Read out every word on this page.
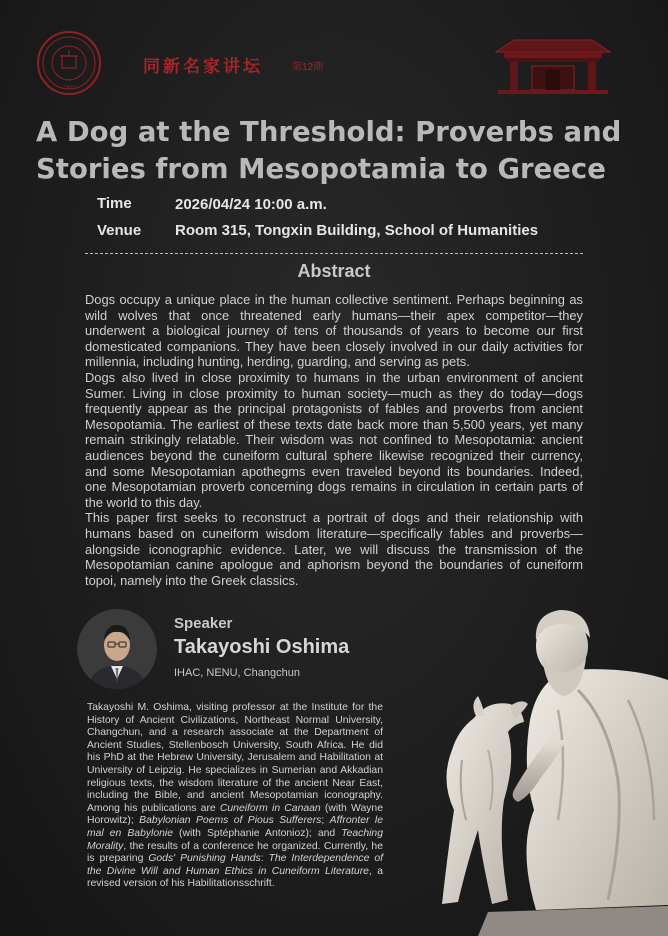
1907
同新名家讲坛	第12期
A Dog at the Threshold: Proverbs and
Stories from Mesopotamia to Greece
Time	2026/04/24 10:00 a.m.
Venue Room 315, Tongxin Building, School of Humanities
Abstract

Dogs occupy a unique place in the human collective sentiment. Perhaps beginning as wild wolves that once threatened early humans—their apex competitor—they underwent a biological journey of tens of thousands of years to become our first domesticated companions. They have been closely involved in our daily activities for millennia, including hunting, herding, guarding, and serving as pets.

Dogs also lived in close proximity to humans in the urban environment of ancient Sumer. Living in close proximity to human society—much as they do today—dogs frequently appear as the principal protagonists of fables and proverbs from ancient Mesopotamia. The earliest of these texts date back more than 5,500 years, yet many remain strikingly relatable. Their wisdom was not confined to Mesopotamia: ancient audiences beyond the cuneiform cultural sphere likewise recognized their currency, and some Mesopotamian apothegms even traveled beyond its boundaries. Indeed, one Mesopotamian proverb concerning dogs remains in circulation in certain parts of the world to this day.

This paper first seeks to reconstruct a portrait of dogs and their relationship with humans based on cuneiform wisdom literature—specifically fables and proverbs—alongside iconographic evidence. Later, we will discuss the transmission of the Mesopotamian canine apologue and aphorism beyond the boundaries of cuneiform topoi, namely into the Greek classics.

Speaker
Takayoshi Oshima
IHAC, NENU, Changchun

Takayoshi M. Oshima, visiting professor at the Institute for the History of Ancient Civilizations, Northeast Normal University, Changchun, and a research associate at the Department of Ancient Studies, Stellenbosch University, South Africa. He did his PhD at the Hebrew University, Jerusalem and Habilitation at University of Leipzig. He specializes in Sumerian and Akkadian religious texts, the wisdom literature of the ancient Near East, including the Bible, and ancient Mesopotamian iconography. Among his publications are Cuneiform in Canaan (with Wayne Horowitz); Babylonian Poems of Pious Sufferers; Affronter le mal en Babylonie (with Sptéphanie Antonioz); and Teaching Morality, the results of a conference he organized. Currently, he is preparing Gods' Punishing Hands: The Interdependence of the Divine Will and Human Ethics in Cuneiform Literature, a revised version of his Habilitationsschrift.
